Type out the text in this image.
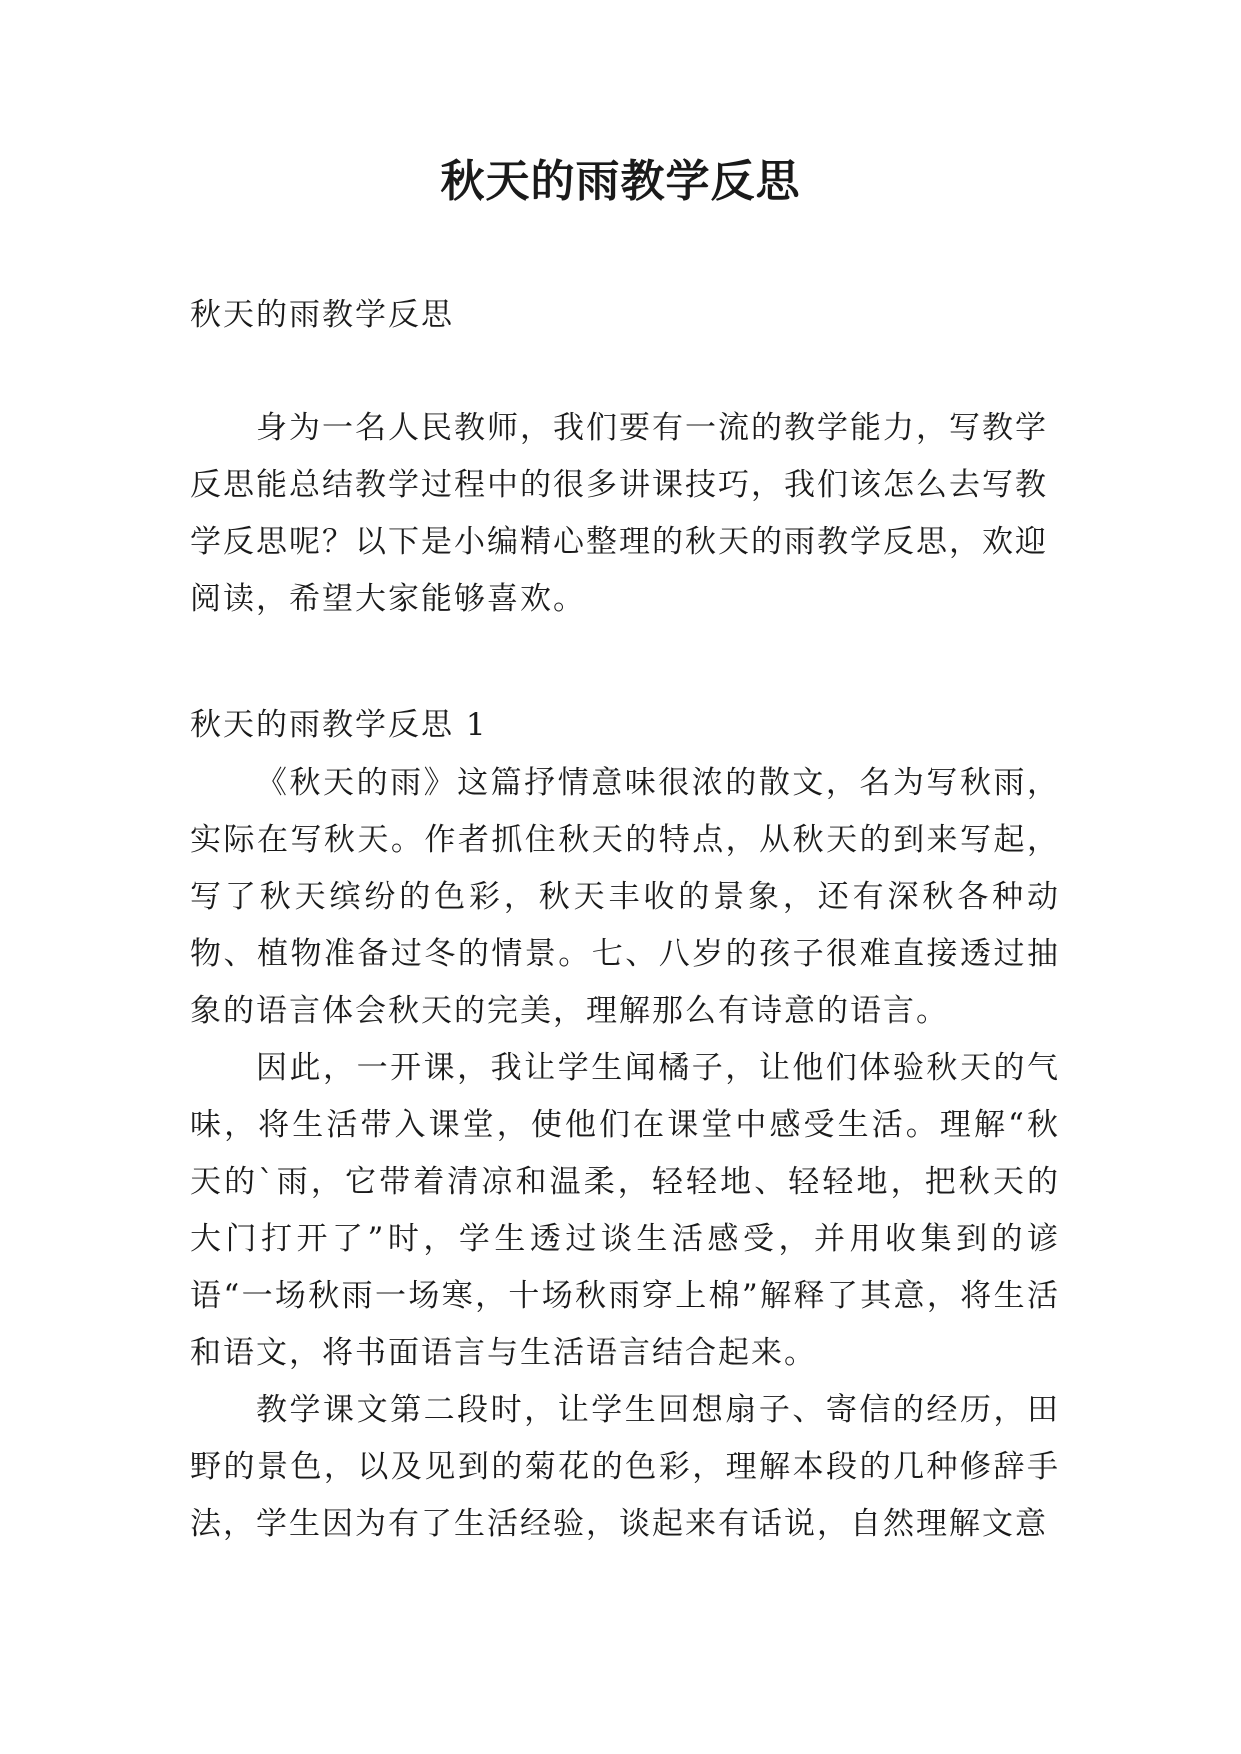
秋天的雨教学反思

秋天的雨教学反思

身为一名人民教师，我们要有一流的教学能力，写教学反思能总结教学过程中的很多讲课技巧，我们该怎么去写教学反思呢？以下是小编精心整理的秋天的雨教学反思，欢迎阅读，希望大家能够喜欢。

秋天的雨教学反思 1

《秋天的雨》这篇抒情意味很浓的散文，名为写秋雨，实际在写秋天。作者抓住秋天的特点，从秋天的到来写起，写了秋天缤纷的色彩，秋天丰收的景象，还有深秋各种动物、植物准备过冬的情景。七、八岁的孩子很难直接透过抽象的语言体会秋天的完美，理解那么有诗意的语言。

因此，一开课，我让学生闻橘子，让他们体验秋天的气味，将生活带入课堂，使他们在课堂中感受生活。理解“秋天的`雨，它带着清凉和温柔，轻轻地、轻轻地，把秋天的大门打开了”时，学生透过谈生活感受，并用收集到的谚语“一场秋雨一场寒，十场秋雨穿上棉”解释了其意，将生活和语文，将书面语言与生活语言结合起来。

教学课文第二段时，让学生回想扇子、寄信的经历，田野的景色，以及见到的菊花的色彩，理解本段的几种修辞手法，学生因为有了生活经验，谈起来有话说，自然理解文意
